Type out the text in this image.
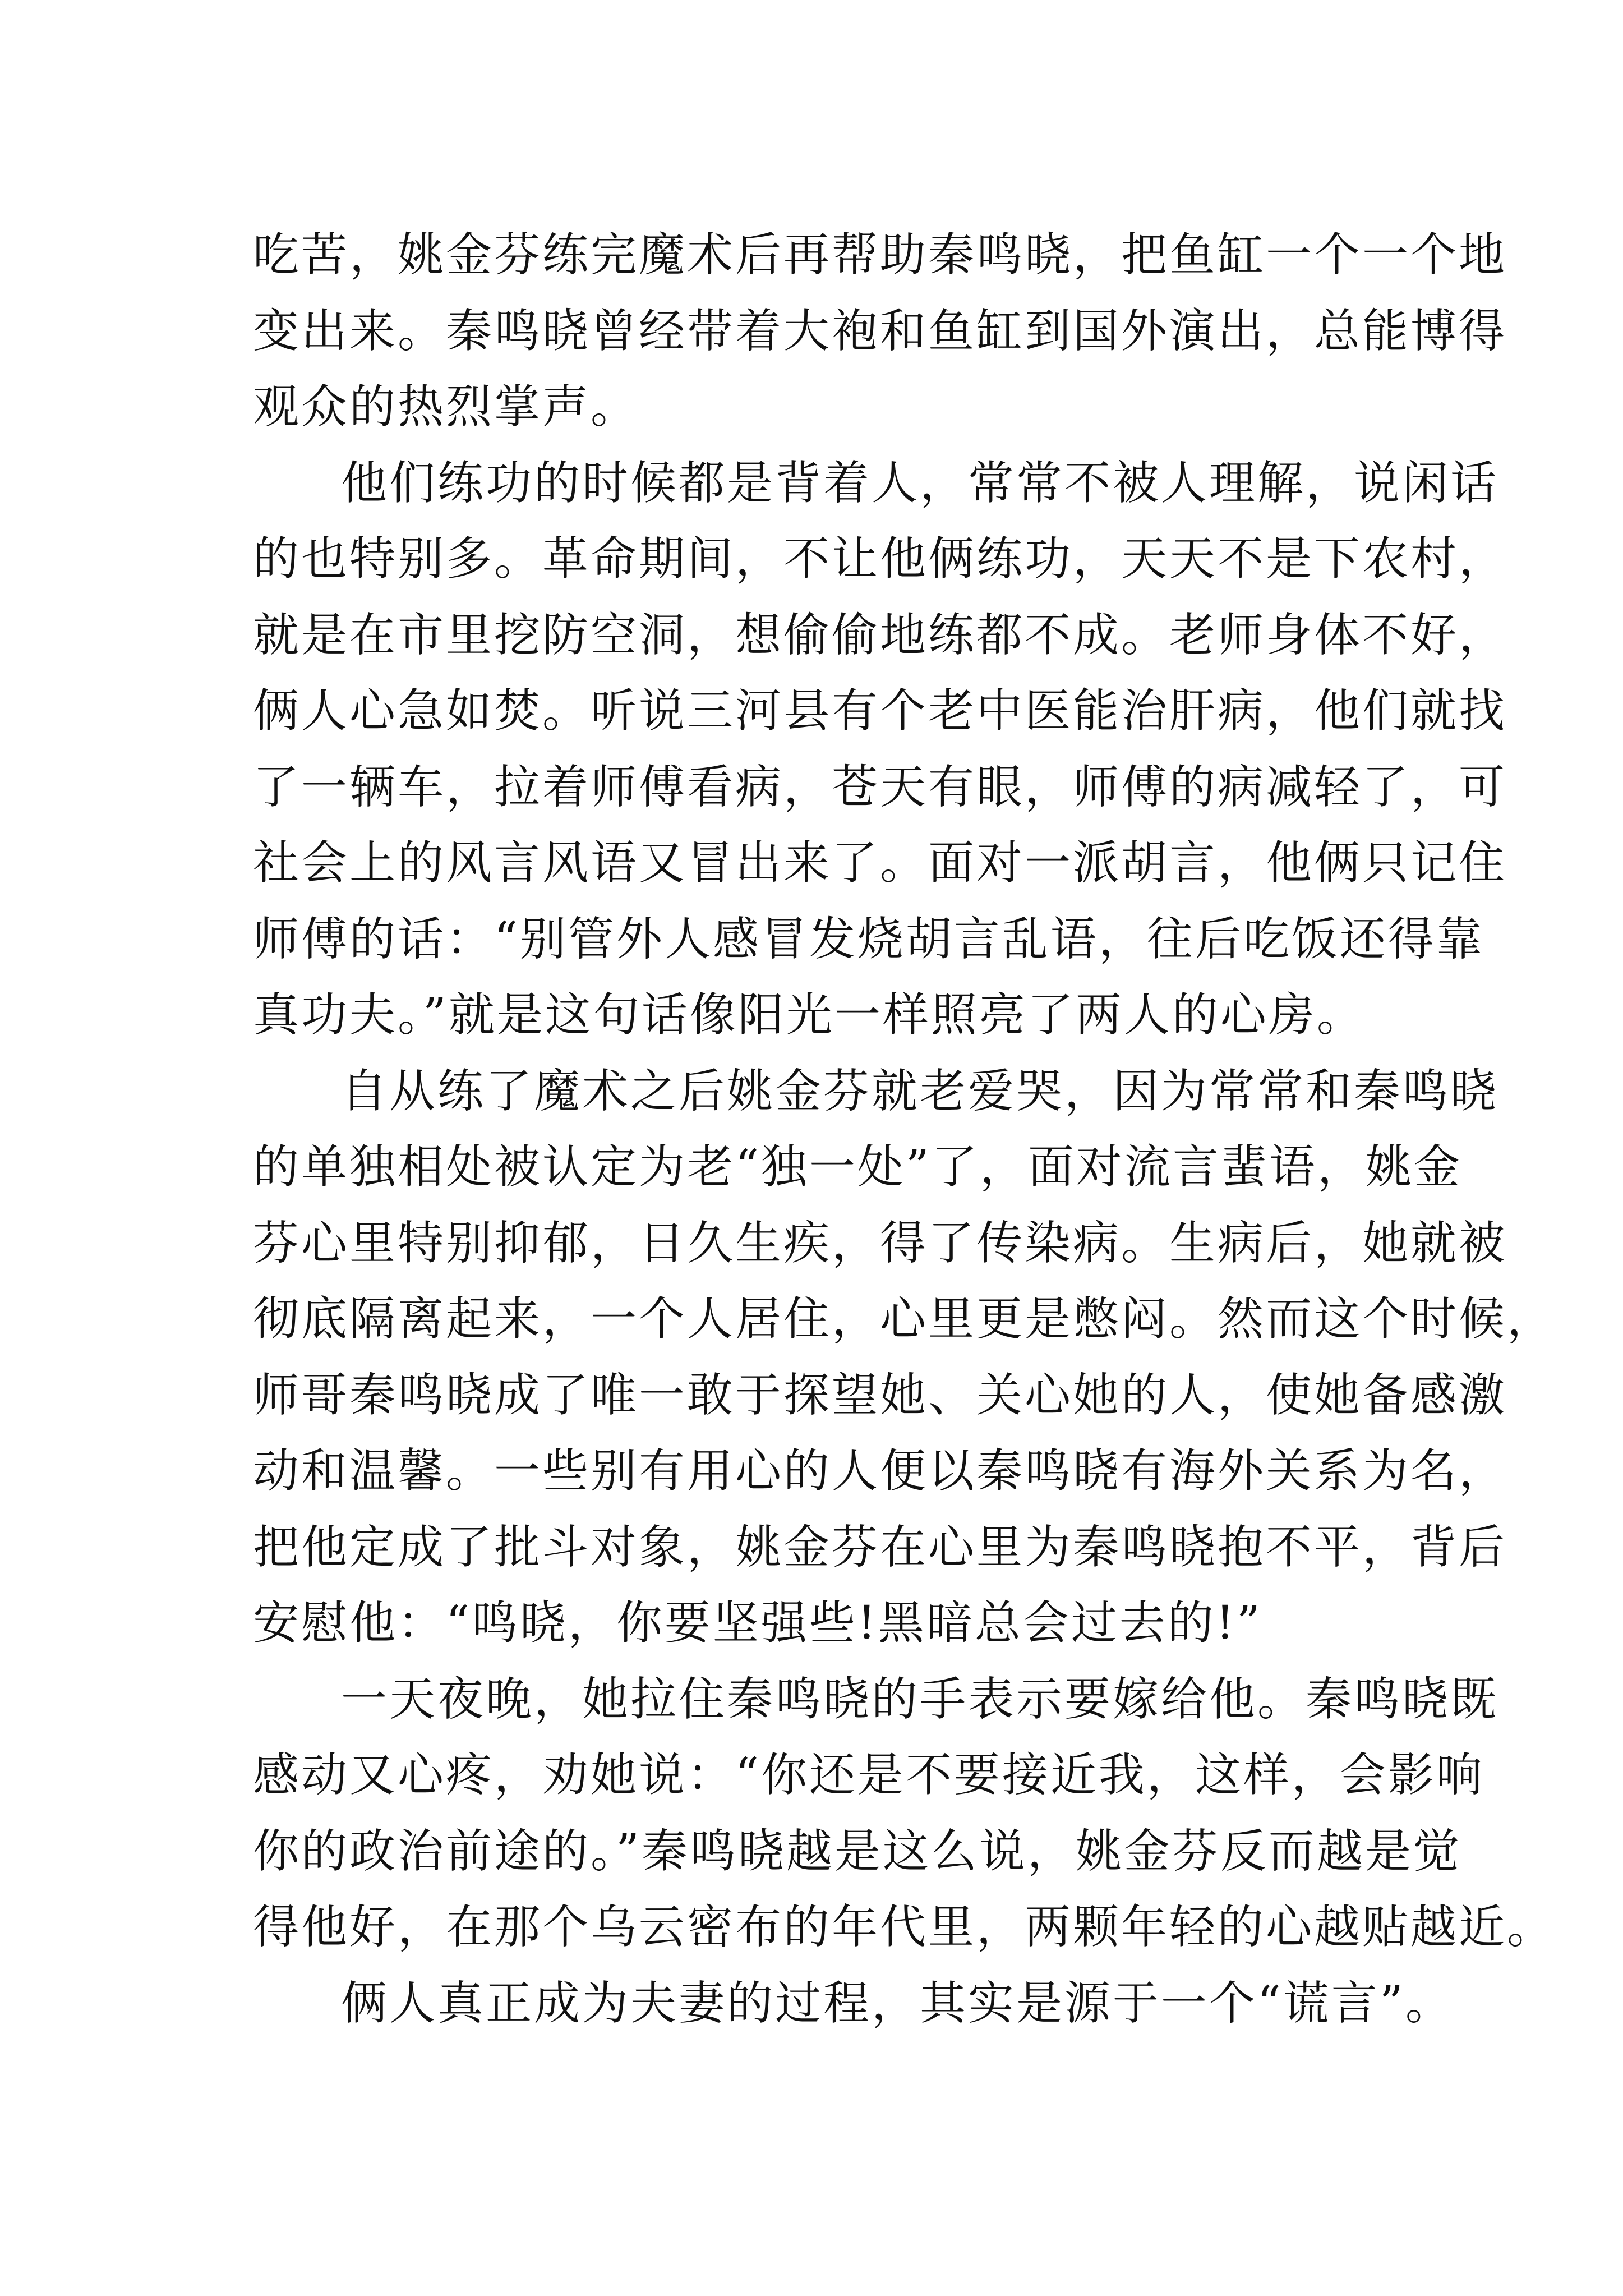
吃苦，姚金芬练完魔术后再帮助秦鸣晓，把鱼缸一个一个地
变出来。秦鸣晓曾经带着大袍和鱼缸到国外演出，总能博得
观众的热烈掌声。
他们练功的时候都是背着人，常常不被人理解，说闲话
的也特别多。革命期间，不让他俩练功，天天不是下农村，
就是在市里挖防空洞，想偷偷地练都不成。老师身体不好，
俩人心急如焚。听说三河县有个老中医能治肝病，他们就找
了一辆车，拉着师傅看病，苍天有眼，师傅的病减轻了，可
社会上的风言风语又冒出来了。面对一派胡言，他俩只记住
师傅的话：“别管外人感冒发烧胡言乱语，往后吃饭还得靠
真功夫。”就是这句话像阳光一样照亮了两人的心房。
自从练了魔术之后姚金芬就老爱哭，因为常常和秦鸣晓
的单独相处被认定为老“独一处”了，面对流言蜚语，姚金
芬心里特别抑郁，日久生疾，得了传染病。生病后，她就被
彻底隔离起来，一个人居住，心里更是憋闷。然而这个时候，
师哥秦鸣晓成了唯一敢于探望她、关心她的人，使她备感激
动和温馨。一些别有用心的人便以秦鸣晓有海外关系为名，
把他定成了批斗对象，姚金芬在心里为秦鸣晓抱不平，背后
安慰他：“鸣晓，你要坚强些!黑暗总会过去的!”
一天夜晚，她拉住秦鸣晓的手表示要嫁给他。秦鸣晓既
感动又心疼，劝她说：“你还是不要接近我，这样，会影响
你的政治前途的。”秦鸣晓越是这么说，姚金芬反而越是觉
得他好，在那个乌云密布的年代里，两颗年轻的心越贴越近。
俩人真正成为夫妻的过程，其实是源于一个“谎言”。
